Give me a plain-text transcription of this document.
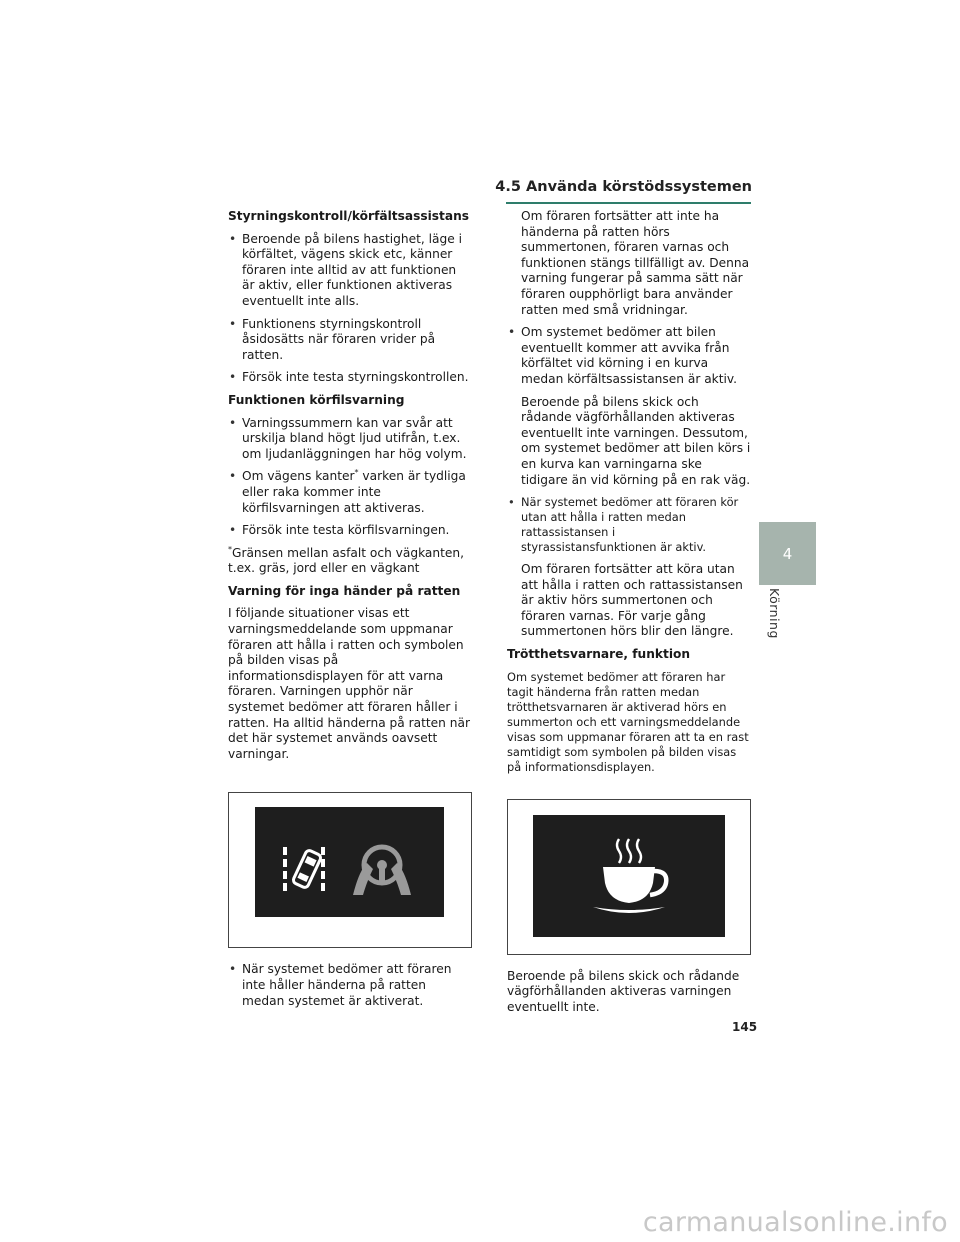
4.5 Använda körstödssystemen
4
Körning
Styrningskontroll/körfältsassistans
• Beroende på bilens hastighet, läge i körfältet, vägens skick etc, känner föraren inte alltid av att funktionen är aktiv, eller funktionen aktiveras eventuellt inte alls.
• Funktionens styrningskontroll åsidosätts när föraren vrider på ratten.
• Försök inte testa styrningskontrollen.
Funktionen körfilsvarning
• Varningssummern kan var svår att urskilja bland högt ljud utifrån, t.ex. om ljudanläggningen har hög volym.
• Om vägens kanter* varken är tydliga eller raka kommer inte körfilsvarningen att aktiveras.
• Försök inte testa körfilsvarningen.

*Gränsen mellan asfalt och vägkanten, t.ex. gräs, jord eller en vägkant

Varning för inga händer på ratten

I följande situationer visas ett varningsmeddelande som uppmanar föraren att hålla i ratten och symbolen på bilden visas på informationsdisplayen för att varna föraren. Varningen upphör när systemet bedömer att föraren håller i ratten. Ha alltid händerna på ratten när det här systemet används oavsett varningar.

• När systemet bedömer att föraren inte håller händerna på ratten medan systemet är aktiverat.

Om föraren fortsätter att inte ha händerna på ratten hörs summertonen, föraren varnas och funktionen stängs tillfälligt av. Denna varning fungerar på samma sätt när föraren oupphörligt bara använder ratten med små vridningar.

• Om systemet bedömer att bilen eventuellt kommer att avvika från körfältet vid körning i en kurva medan körfältsassistansen är aktiv.

Beroende på bilens skick och rådande vägförhållanden aktiveras eventuellt inte varningen. Dessutom, om systemet bedömer att bilen körs i en kurva kan varningarna ske tidigare än vid körning på en rak väg.

• När systemet bedömer att föraren kör utan att hålla i ratten medan rattassistansen i styrassistansfunktionen är aktiv.

Om föraren fortsätter att köra utan att hålla i ratten och rattassistansen är aktiv hörs summertonen och föraren varnas. För varje gång summertonen hörs blir den längre.

Trötthetsvarnare, funktion

Om systemet bedömer att föraren har tagit händerna från ratten medan trötthetsvarnaren är aktiverad hörs en summerton och ett varningsmeddelande visas som uppmanar föraren att ta en rast samtidigt som symbolen på bilden visas på informationsdisplayen.

Beroende på bilens skick och rådande vägförhållanden aktiveras varningen eventuellt inte.

145
carmanualsonline.info
